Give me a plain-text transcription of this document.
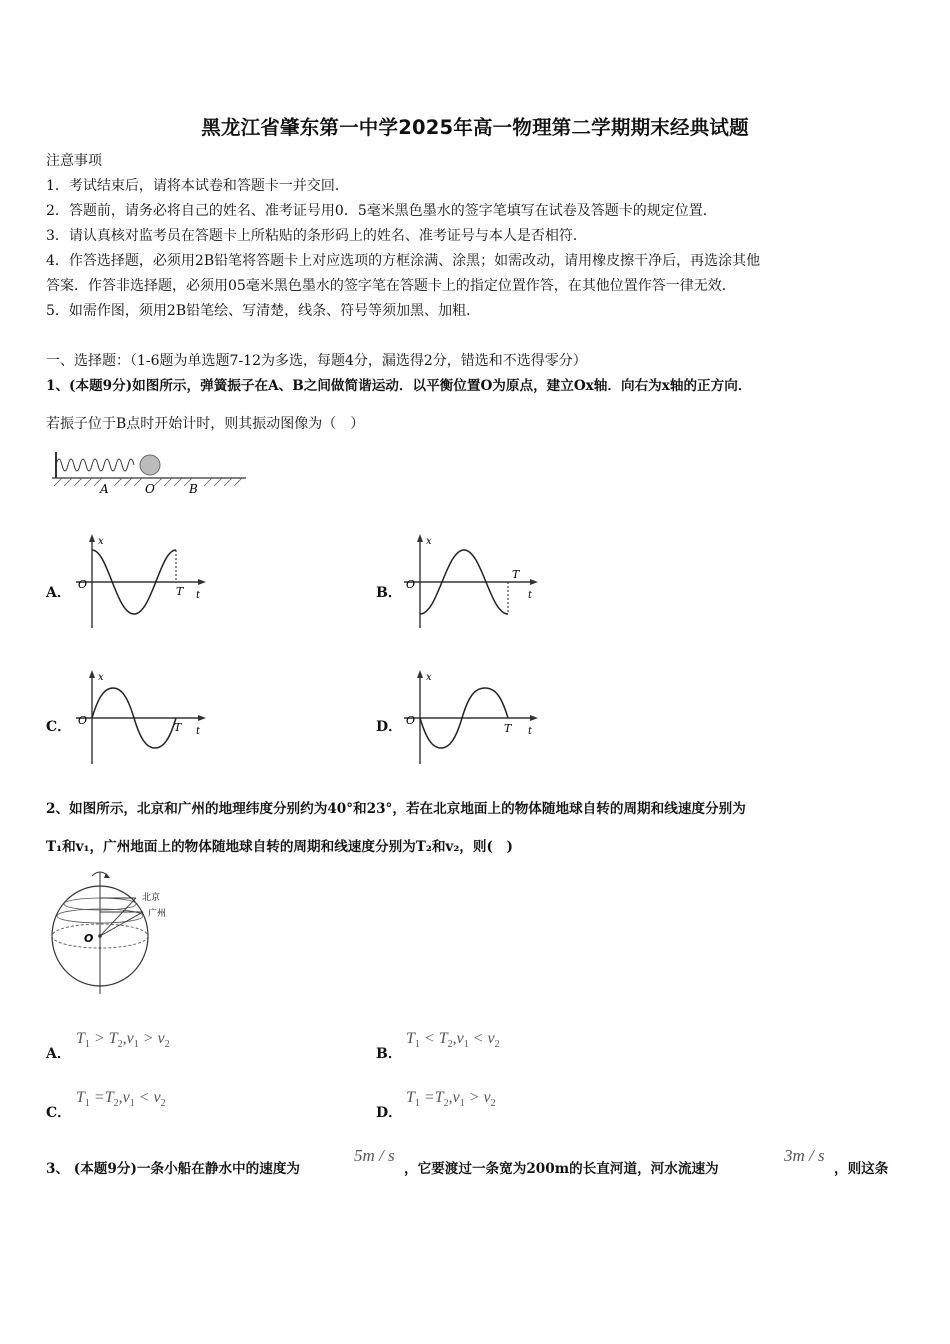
黑龙江省肇东第一中学2025年高一物理第二学期期末经典试题
注意事项
1．考试结束后，请将本试卷和答题卡一并交回．
2．答题前，请务必将自己的姓名、准考证号用0．5毫米黑色墨水的签字笔填写在试卷及答题卡的规定位置．
3．请认真核对监考员在答题卡上所粘贴的条形码上的姓名、准考证号与本人是否相符．
4．作答选择题，必须用2B铅笔将答题卡上对应选项的方框涂满、涂黑；如需改动，请用橡皮擦干净后，再选涂其他
答案．作答非选择题，必须用05毫米黑色墨水的签字笔在答题卡上的指定位置作答，在其他位置作答一律无效．
5．如需作图，须用2B铅笔绘、写清楚，线条、符号等须加黑、加粗．
一、选择题：（1-6题为单选题7-12为多选，每题4分，漏选得2分，错选和不选得零分）
1、(本题9分)如图所示，弹簧振子在A、B之间做简谐运动．以平衡位置O为原点，建立Ox轴．向右为x轴的正方向．
若振子位于B点时开始计时，则其振动图像为（　）
A	O	B
A．
x
O
T t	B．
x
O
T
t
C．
x
O
T t	D．
x
O
T t
2、如图所示，北京和广州的地理纬度分别约为40°和23°，若在北京地面上的物体随地球自转的周期和线速度分别为
T₁和v₁，广州地面上的物体随地球自转的周期和线速度分别为T₂和v₂，则(　)
O
北京
广州
A．
$T_1 > T_2,v_1 > v_2$
B．
$T_1 < T_2,v_1 < v_2$
C．
$T_1 =T_2,v_1 < v_2$
D．
$T_1 =T_2,v_1 > v_2$
3、 (本题9分)一条小船在静水中的速度为
5m / s
，它要渡过一条宽为200m的长直河道，河水流速为
3m / s
，则这条
